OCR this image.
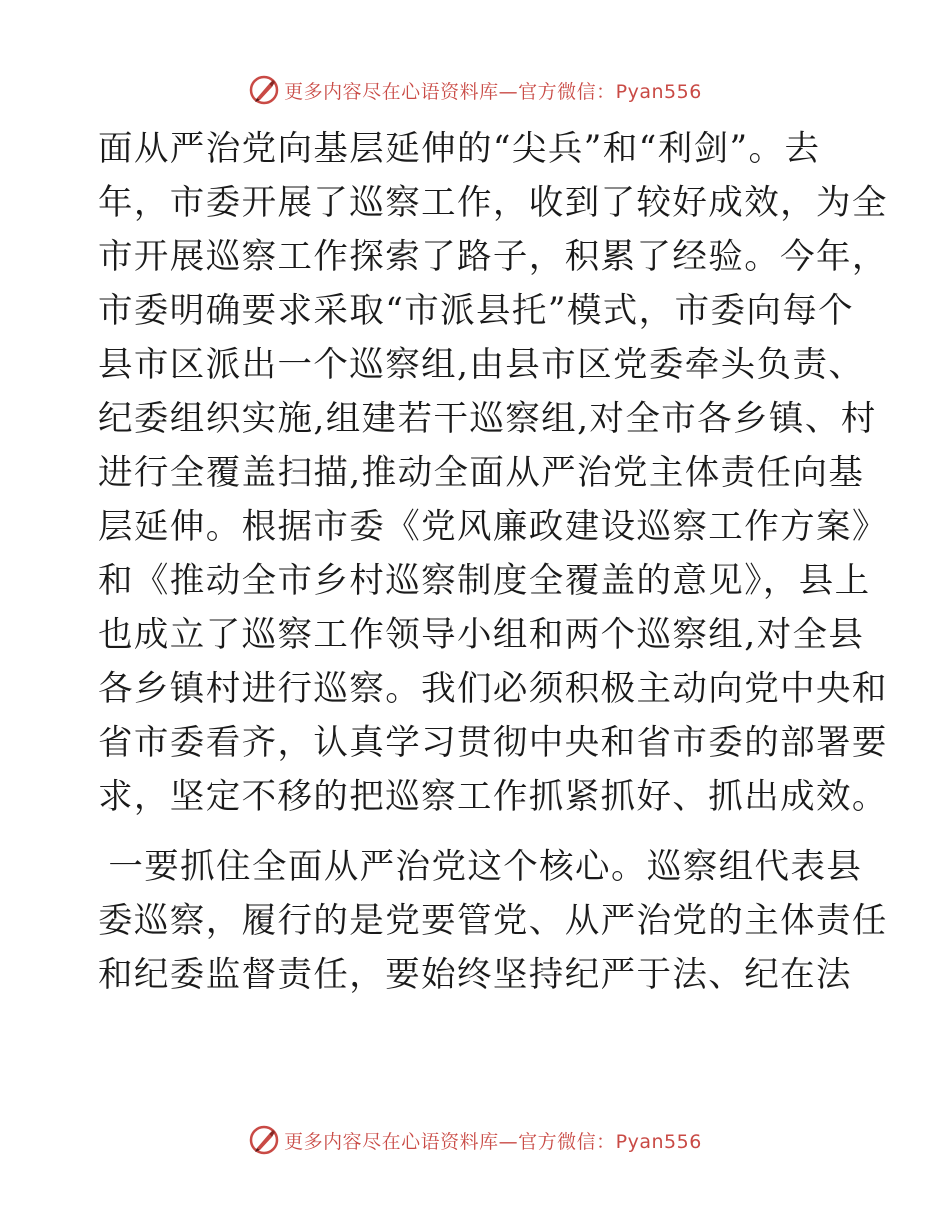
更多内容尽在心语资料库—官方微信：Pyan556
面从严治党向基层延伸的“尖兵”和“利剑”。去
年，市委开展了巡察工作，收到了较好成效，为全
市开展巡察工作探索了路子，积累了经验。今年，
市委明确要求采取“市派县托”模式，市委向每个
县市区派出一个巡察组,由县市区党委牵头负责、
纪委组织实施,组建若干巡察组,对全市各乡镇、村
进行全覆盖扫描,推动全面从严治党主体责任向基
层延伸。根据市委《党风廉政建设巡察工作方案》
和《推动全市乡村巡察制度全覆盖的意见》，县上
也成立了巡察工作领导小组和两个巡察组,对全县
各乡镇村进行巡察。我们必须积极主动向党中央和
省市委看齐，认真学习贯彻中央和省市委的部署要
求，坚定不移的把巡察工作抓紧抓好、抓出成效。
一要抓住全面从严治党这个核心。巡察组代表县
委巡察，履行的是党要管党、从严治党的主体责任
和纪委监督责任，要始终坚持纪严于法、纪在法
更多内容尽在心语资料库—官方微信：Pyan556
